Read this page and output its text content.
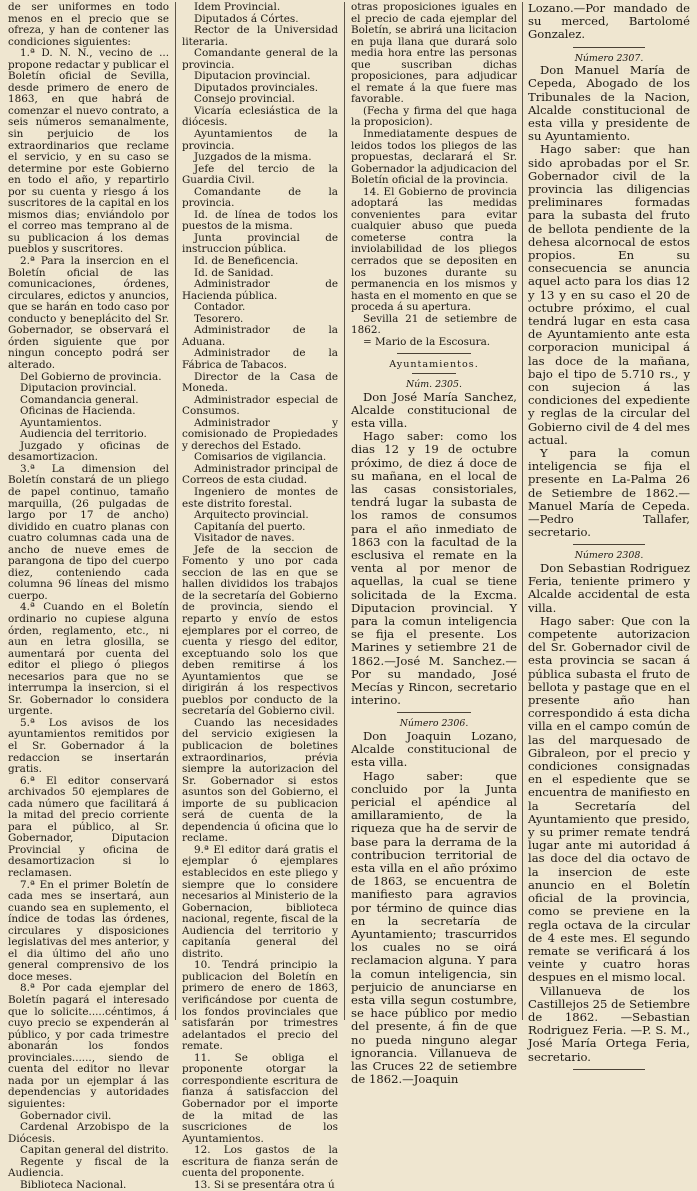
de ser uniformes en todo menos en el precio que se ofreza, y han de contener las condiciones siguientes:

1.ª D. N. N., vecino de ... propone redactar y publicar el Boletín oficial de Sevilla, desde primero de enero de 1863, en que habrá de comenzar el nuevo contrato, a seis números semanalmente, sin perjuicio de los extraordinarios que reclame el servicio, y en su caso se determine por este Gobierno en todo el año, y repartirlo por su cuenta y riesgo á los suscritores de la capital en los mismos dias; enviándolo por el correo mas temprano al de su publicacion á los demas pueblos y suscritores.

2.ª Para la insercion en el Boletín oficial de las comunicaciones, órdenes, circulares, edictos y anuncios, que se harán en todo caso por conducto y beneplácito del Sr. Gobernador, se observará el órden siguiente que por ningun concepto podrá ser alterado.

Del Gobierno de provincia.

Diputacion provincial.

Comandancia general.

Oficinas de Hacienda.

Ayuntamientos.

Audiencia del territorio.

Juzgado y oficinas de desamortizacion.

3.ª La dimension del Boletín constará de un pliego de papel continuo, tamaño marquilla, (26 pulgadas de largo por 17 de ancho) dividido en cuatro planas con cuatro columnas cada una de ancho de nueve emes de parangona de tipo del cuerpo diez, conteniendo cada columna 96 líneas del mismo cuerpo.

4.ª Cuando en el Boletín ordinario no cupiese alguna órden, reglamento, etc., ni aun en letra glosilla, se aumentará por cuenta del editor el pliego ó pliegos necesarios para que no se interrumpa la insercion, si el Sr. Gobernador lo considera urgente.

5.ª Los avisos de los ayuntamientos remitidos por el Sr. Gobernador á la redaccion se insertarán gratis.

6.ª El editor conservará archivados 50 ejemplares de cada número que facilitará á la mitad del precio corriente para el público, al Sr. Gobernador, Diputacion Provincial y oficina de desamortizacion si lo reclamasen.

7.ª En el primer Boletín de cada mes se insertará, aun cuando sea en suplemento, el índice de todas las órdenes, circulares y disposiciones legislativas del mes anterior, y el dia último del año uno general comprensivo de los doce meses.

8.ª Por cada ejemplar del Boletín pagará el interesado que lo solicite.....céntimos, á cuyo precio se expenderán al público, y por cada trimestre abonarán los fondos provinciales......, siendo de cuenta del editor no llevar nada por un ejemplar á las dependencias y autoridades siguientes:

Gobernador civil.

Cardenal Arzobispo de la Diócesis.

Capitan general del distrito.

Regente y fiscal de la Audiencia.

Biblioteca Nacional.

Idem Provincial.

Diputados á Córtes.

Rector de la Universidad literaria.

Comandante general de la provincia.

Diputacion provincial.

Diputados provinciales.

Consejo provincial.

Vicaría eclesiástica de la diócesis.

Ayuntamientos de la provincia.

Juzgados de la misma.

Jefe del tercio de la Guardia Civil.

Comandante de la provincia.

Id. de línea de todos los puestos de la misma.

Junta provincial de instruccion pública.

Id. de Beneficencia.

Id. de Sanidad.

Administrador de Hacienda pública.

Contador.

Tesorero.

Administrador de la Aduana.

Administrador de la Fábrica de Tabacos.

Director de la Casa de Moneda.

Administrador especial de Consumos.

Administrador y comisionado de Propiedades y derechos del Estado.

Comisarios de vigilancia.

Administrador principal de Correos de esta ciudad.

Ingeniero de montes de este distrito forestal.

Arquitecto provincial.

Capitanía del puerto.

Visitador de naves.

Jefe de la seccion de Fomento y uno por cada seccion de las en que se hallen divididos los trabajos de la secretaría del Gobierno de provincia, siendo el reparto y envío de estos ejemplares por el correo, de cuenta y riesgo del editor, exceptuando solo los que deben remitirse á los Ayuntamientos que se dirigirán á los respectivos pueblos por conducto de la secretaría del Gobierno civil.

Cuando las necesidades del servicio exigiesen la publicacion de boletines extraordinarios, prévia siempre la autorizacion del Sr. Gobernador si estos asuntos son del Gobierno, el importe de su publicacion será de cuenta de la dependencia ú oficina que lo reclame.

9.ª El editor dará gratis el ejemplar ó ejemplares establecidos en este pliego y siempre que lo considere necesarios al Ministerio de la Gobernacion, biblioteca nacional, regente, fiscal de la Audiencia del territorio y capitanía general del distrito.

10. Tendrá principio la publicacion del Boletín en primero de enero de 1863, verificándose por cuenta de los fondos provinciales que satisfarán por trimestres adelantados el precio del remate.

11. Se obliga el proponente otorgar la correspondiente escritura de fianza á satisfaccion del Gobernador por el importe de la mitad de las suscriciones de los Ayuntamientos.

12. Los gastos de la escritura de fianza serán de cuenta del proponente.

13. Si se presentára otra ú

otras proposiciones iguales en el precio de cada ejemplar del Boletín, se abrirá una licitacion en puja llana que durará solo media hora entre las personas que suscriban dichas proposiciones, para adjudicar el remate á la que fuere mas favorable.

(Fecha y firma del que haga la proposicion).

Inmediatamente despues de leidos todos los pliegos de las propuestas, declarará el Sr. Gobernador la adjudicacion del Boletín oficial de la provincia.

14. El Gobierno de provincia adoptará las medidas convenientes para evitar cualquier abuso que pueda cometerse contra la inviolabilidad de los pliegos cerrados que se depositen en los buzones durante su permanencia en los mismos y hasta en el momento en que se proceda á su apertura.

Sevilla 21 de setiembre de 1862.

= Mario de la Escosura.

Ayuntamientos.

Núm. 2305.

Don José María Sanchez, Alcalde constitucional de esta villa.

Hago saber: como los dias 12 y 19 de octubre próximo, de diez á doce de su mañana, en el local de las casas consistoriales, tendrá lugar la subasta de los ramos de consumos para el año inmediato de 1863 con la facultad de la esclusiva el remate en la venta al por menor de aquellas, la cual se tiene solicitada de la Excma. Diputacion provincial. Y para la comun inteligencia se fija el presente. Los Marines y setiembre 21 de 1862.—José M. Sanchez.—Por su mandado, José Mecías y Rincon, secretario interino.

Número 2306.

Don Joaquin Lozano, Alcalde constitucional de esta villa.

Hago saber: que concluido por la Junta pericial el apéndice al amillaramiento, de la riqueza que ha de servir de base para la derrama de la contribucion territorial de esta villa en el año próximo de 1863, se encuentra de manifiesto para agravios por término de quince dias en la secretaría de Ayuntamiento; trascurridos los cuales no se oirá reclamacion alguna. Y para la comun inteligencia, sin perjuicio de anunciarse en esta villa segun costumbre, se hace público por medio del presente, á fin de que no pueda ninguno alegar ignorancia. Villanueva de las Cruces 22 de setiembre de 1862.—Joaquin

Lozano.—Por mandado de su merced, Bartolomé Gonzalez.

Número 2307.

Don Manuel María de Cepeda, Abogado de los Tribunales de la Nacion, Alcalde constitucional de esta villa y presidente de su Ayuntamiento.

Hago saber: que han sido aprobadas por el Sr. Gobernador civil de la provincia las diligencias preliminares formadas para la subasta del fruto de bellota pendiente de la dehesa alcornocal de estos propios. En su consecuencia se anuncia aquel acto para los dias 12 y 13 y en su caso el 20 de octubre próximo, el cual tendrá lugar en esta casa de Ayuntamiento ante esta corporacion municipal á las doce de la mañana, bajo el tipo de 5.710 rs., y con sujecion á las condiciones del expediente y reglas de la circular del Gobierno civil de 4 del mes actual.

Y para la comun inteligencia se fija el presente en La-Palma 26 de Setiembre de 1862.—Manuel María de Cepeda.—Pedro Tallafer, secretario.

Número 2308.

Don Sebastian Rodriguez Feria, teniente primero y Alcalde accidental de esta villa.

Hago saber: Que con la competente autorizacion del Sr. Gobernador civil de esta provincia se sacan á pública subasta el fruto de bellota y pastage que en el presente año han correspondido á esta dicha villa en el campo común de las del marquesado de Gibraleon, por el precio y condiciones consignadas en el espediente que se encuentra de manifiesto en la Secretaría del Ayuntamiento que presido, y su primer remate tendrá lugar ante mi autoridad á las doce del dia octavo de la insercion de este anuncio en el Boletín oficial de la provincia, como se previene en la regla octava de la circular de 4 este mes. El segundo remate se verificará á los veinte y cuatro horas despues en el mismo local.

Villanueva de los Castillejos 25 de Setiembre de 1862. —Sebastian Rodriguez Feria. —P. S. M., José María Ortega Feria, secretario.
